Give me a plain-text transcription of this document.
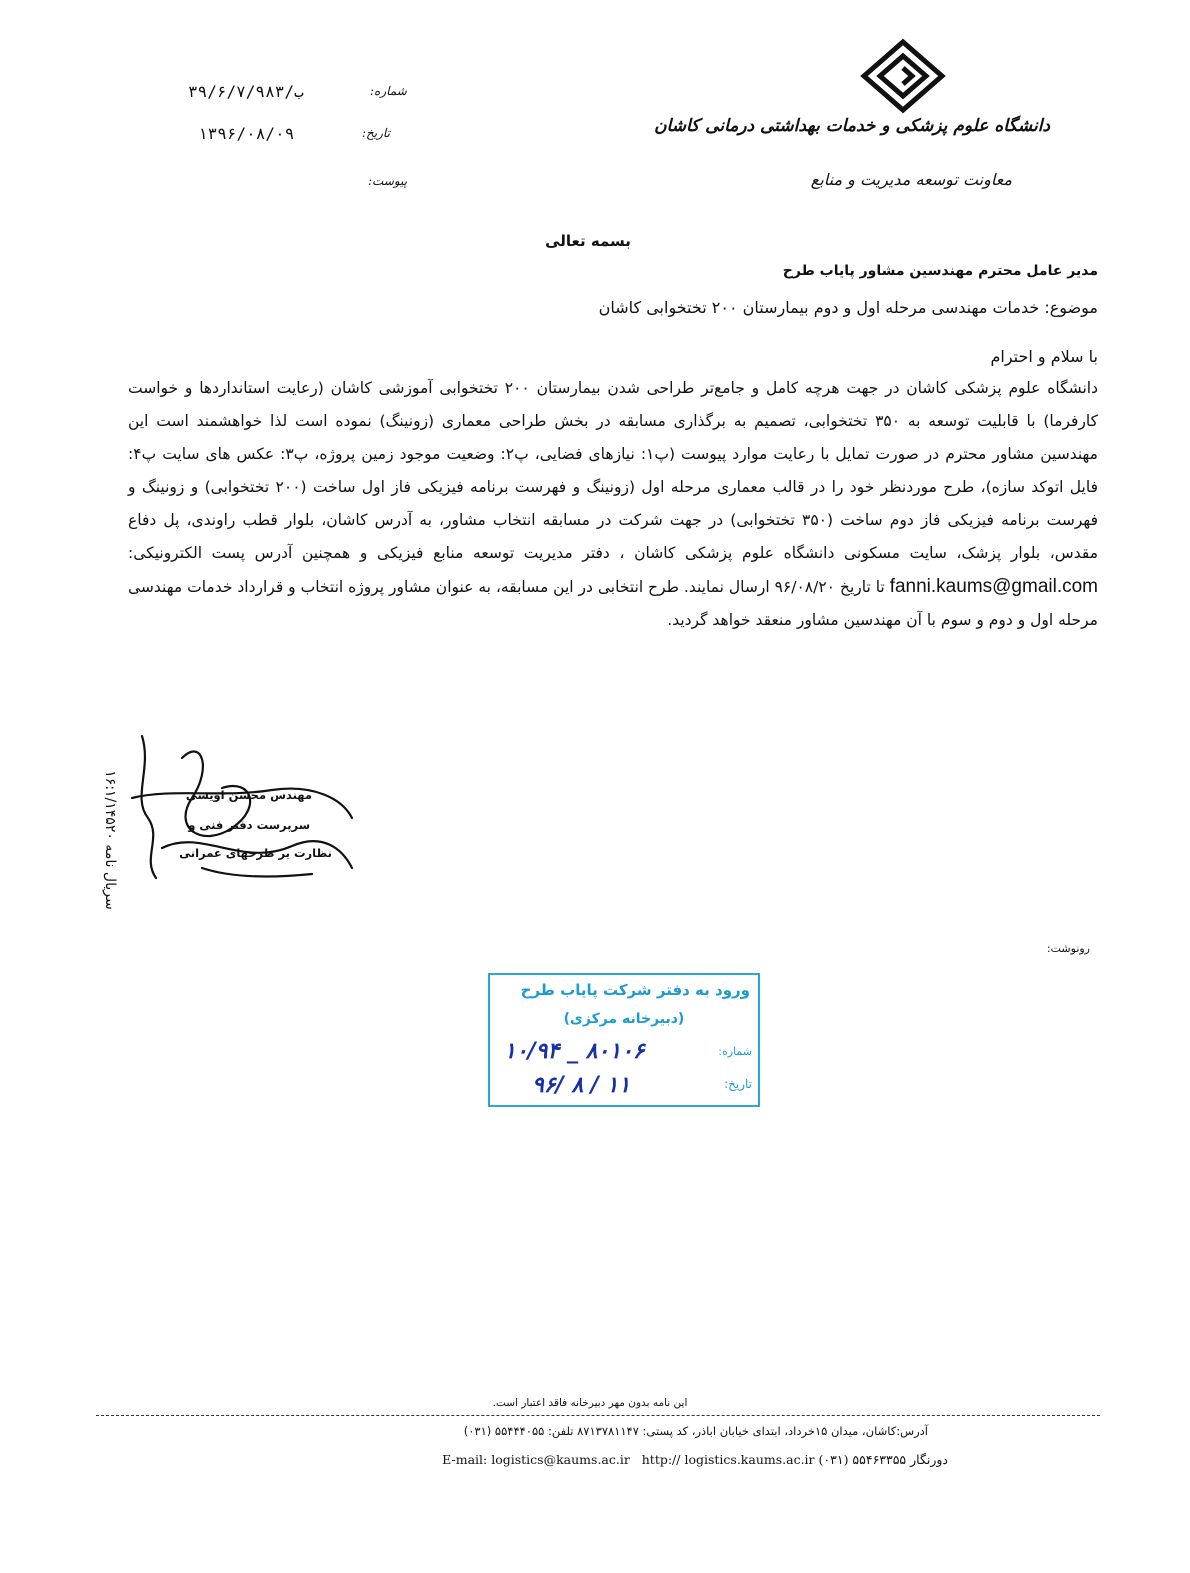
دانشگاه علوم پزشکی و خدمات بهداشتی درمانی کاشان
معاونت توسعه مدیریت و منابع
شماره:
ب/۳۹/۶/۷/۹۸۳
تاریخ:
۱۳۹۶/۰۸/۰۹
پیوست:
بسمه تعالی
مدیر عامل محترم مهندسین مشاور پایاب طرح
موضوع: خدمات مهندسی مرحله اول و دوم بیمارستان ۲۰۰ تختخوابی کاشان
با سلام و احترام
دانشگاه علوم پزشکی کاشان در جهت هرچه کامل و جامع‌تر طراحی شدن بیمارستان ۲۰۰ تختخوابی آموزشی کاشان (رعایت استانداردها و خواست کارفرما) با قابلیت توسعه به ۳۵۰ تختخوابی، تصمیم به برگذاری مسابقه در بخش طراحی معماری (زونینگ) نموده است لذا خواهشمند است این مهندسین مشاور محترم در صورت تمایل با رعایت موارد پیوست (پ۱: نیازهای فضایی، پ۲: وضعیت موجود زمین پروژه، پ۳: عکس های سایت پ۴: فایل اتوکد سازه)، طرح موردنظر خود را در قالب معماری مرحله اول (زونینگ و فهرست برنامه فیزیکی فاز اول ساخت (۲۰۰ تختخوابی) و زونینگ و فهرست برنامه فیزیکی فاز دوم ساخت (۳۵۰ تختخوابی) در جهت شرکت در مسابقه انتخاب مشاور، به آدرس کاشان، بلوار قطب راوندی، پل دفاع مقدس، بلوار پزشک، سایت مسکونی دانشگاه علوم پزشکی کاشان ، دفتر مدیریت توسعه منابع فیزیکی و همچنین آدرس پست الکترونیکی: fanni.kaums@gmail.com تا تاریخ ۹۶/۰۸/۲۰ ارسال نمایند. طرح انتخابی در این مسابقه، به عنوان مشاور پروژه انتخاب و قرارداد خدمات مهندسی مرحله اول و دوم و سوم با آن مهندسین مشاور منعقد خواهد گردید.
مهندس محسن اویسی
سرپرست دفتر فنی و
نظارت بر طرحهای عمرانی
سریال نامه ۱۶:۱/۱۴۵۲۰
رونوشت:
ورود به دفتر شرکت پایاب طرح
(دبیرخانه مرکزی)
شماره:
۱۰/۹۴ _ ۸۰۱۰۶
تاریخ:
۹۶/ ۸ / ۱۱
این نامه بدون مهر دبیرخانه فاقد اعتبار است.
آدرس:کاشان، میدان ۱۵خرداد، ابتدای خیابان اباذر، کد پستی: ۸۷۱۳۷۸۱۱۴۷ تلفن: ۵۵۴۴۴۰۵۵ (۰۳۱)
دورنگار ۵۵۴۶۳۳۵۵ (۰۳۱) E-mail: logistics@kaums.ac.ir http:// logistics.kaums.ac.ir
